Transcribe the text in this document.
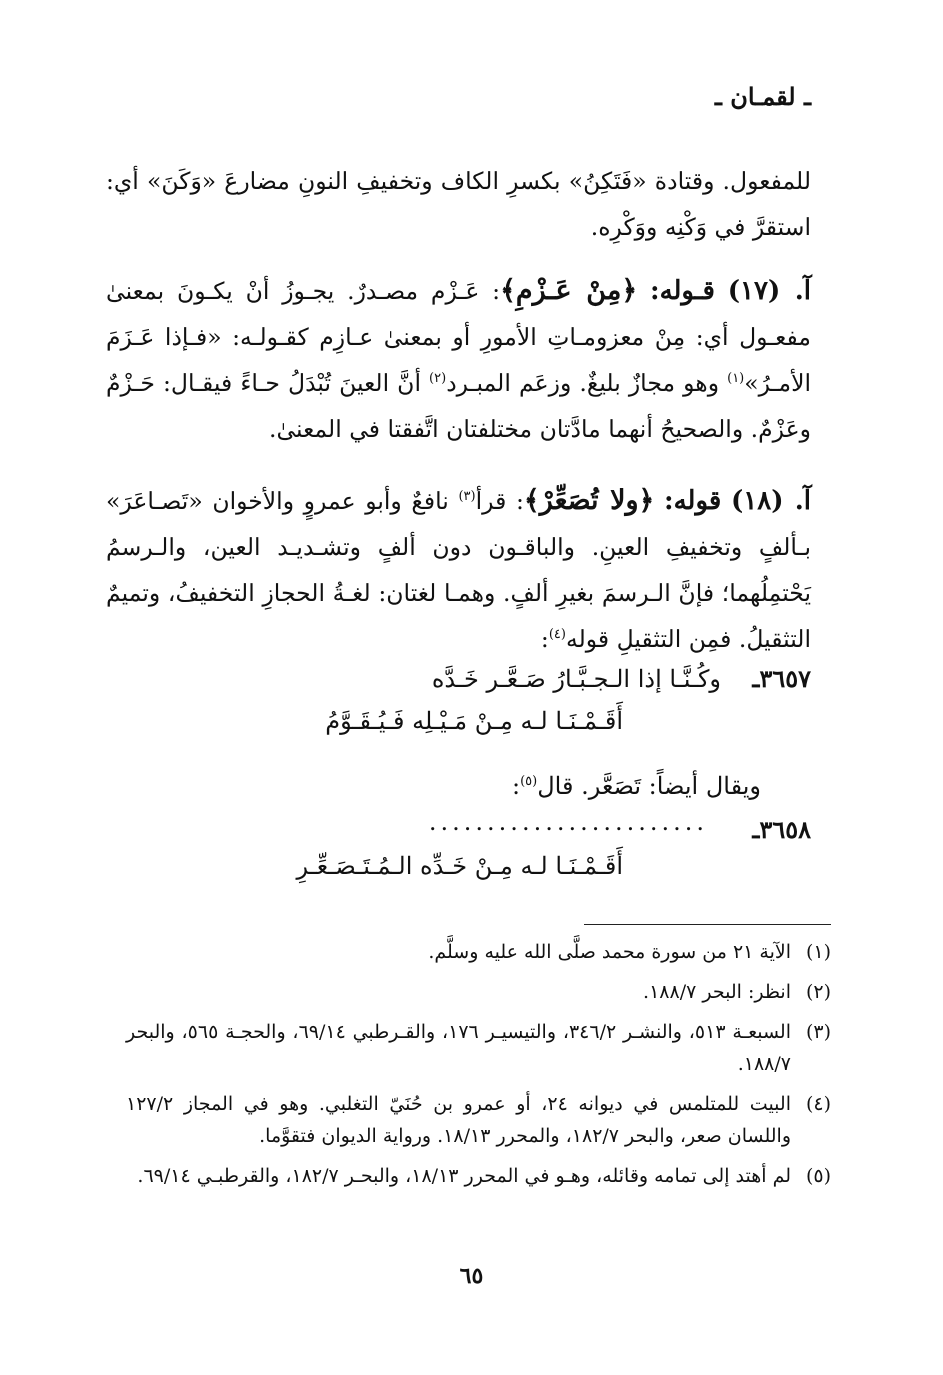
ـ لقمـان ـ

للمفعول. وقتادة «فَتَكِنُ» بكسرِ الكاف وتخفيفِ النونِ مضارعَ «وَكَنَ» أي: استقرَّ في وَكْنِه ووَكْرِه.

آ. (١٧) قـوله: ﴿مِنْ عَـزْمِ﴾: عَـزْم مصـدرٌ. يجـوزُ أنْ يكـونَ بمعنىٰ مفعـول أي: مِنْ معزومـاتِ الأمورِ أو بمعنىٰ عـازِم كقـولـه: «فـإذا عَـزَمَ الأمـرُ»$^{(١)}$ وهو مجازٌ بليغٌ. وزعَم المبـرد$^{(٢)}$ أنَّ العينَ تُبْدَلُ حـاءً فيقـال: حَـزْمٌ وعَزْمٌ. والصحيحُ أنهما مادَّتان مختلفتان اتَّفقتا في المعنىٰ.

آ. (١٨) قوله: ﴿ولا تُصَعِّرْ﴾: قرأ$^{(٣)}$ نافعٌ وأبو عمروٍ والأخوان «تَصـاعَرَ» بـألفٍ وتخفيفِ العينِ. والباقـون دون ألفٍ وتشـديـد العين، والـرسمُ يَحْتمِلُهما؛ فإنَّ الـرسمَ بغيرِ ألفٍ. وهمـا لغتان: لغـةُ الحجازِ التخفيفُ، وتميمٌ التثقيلُ. فمِن التثقيلِ قوله$^{(٤)}$:

٣٦٥٧ـ
وكُـنَّـا إذا الـجـبَّـارُ صَـعَّـر خَـدَّه
أَقَـمْـنَـا لـه مِـنْ مَـيْـلِه فَـيُـقَـوَّمُ
ويقال أيضاً: تَصَعَّر. قال$^{(٥)}$:
٣٦٥٨ـ
........................
أَقَـمْـنَـا لـه مِـنْ خَـدِّه الـمُـتَـصَـعِّـرِ
(١)
الآية ٢١ من سورة محمد صلَّى الله عليه وسلَّم.
(٢)
انظر: البحر ١٨٨/٧.
(٣)
السبعـة ٥١٣، والنشـر ٣٤٦/٢، والتيسيـر ١٧٦، والقـرطبي ٦٩/١٤، والحجـة ٥٦٥، والبحر ١٨٨/٧.
(٤)
البيت للمتلمس في ديوانه ٢٤، أو عمرو بن حُنَيّ التغلبي. وهو في المجاز ١٢٧/٢ واللسان صعر، والبحر ١٨٢/٧، والمحرر ١٨/١٣. ورواية الديوان فتقوَّما.
(٥)
لم أهتد إلى تمامه وقائله، وهـو في المحرر ١٨/١٣، والبحـر ١٨٢/٧، والقرطبـي ٦٩/١٤.
٦٥
